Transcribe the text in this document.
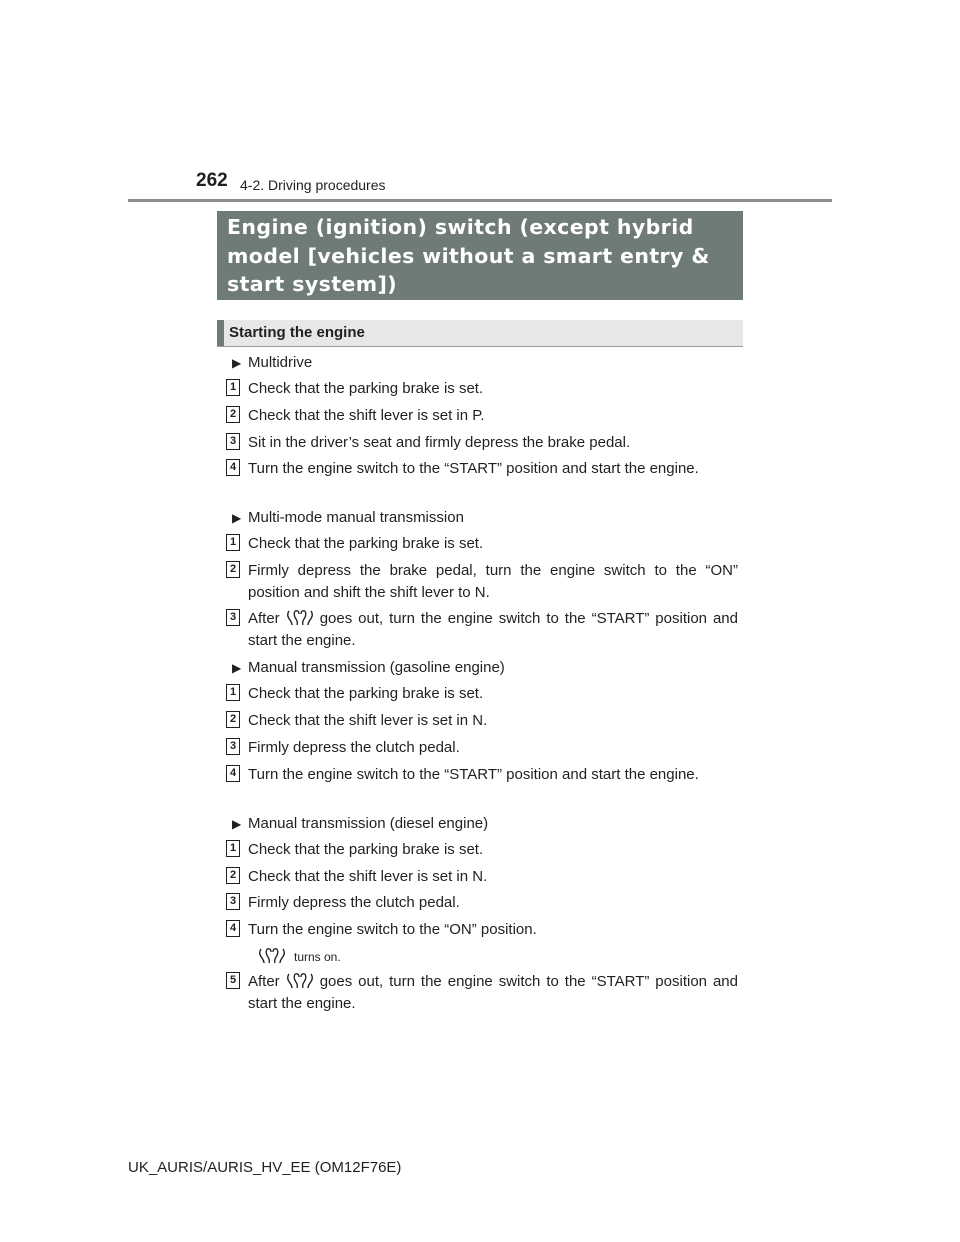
262 4-2. Driving procedures
Engine (ignition) switch (except hybrid model [vehicles without a smart entry & start system])
Starting the engine
▶ Multidrive
1 Check that the parking brake is set.
2 Check that the shift lever is set in P.
3 Sit in the driver’s seat and firmly depress the brake pedal.
4 Turn the engine switch to the “START” position and start the engine.
▶ Multi-mode manual transmission
1 Check that the parking brake is set.
2 Firmly depress the brake pedal, turn the engine switch to the “ON” position and shift the shift lever to N.
3 After	goes out, turn the engine switch to the “START” position and start the engine.
▶ Manual transmission (gasoline engine)
1 Check that the parking brake is set.
2 Check that the shift lever is set in N.
3 Firmly depress the clutch pedal.
4 Turn the engine switch to the “START” position and start the engine.
▶ Manual transmission (diesel engine)
1 Check that the parking brake is set.
2 Check that the shift lever is set in N.
3 Firmly depress the clutch pedal.
4 Turn the engine switch to the “ON” position.
turns on.
5 After	goes out, turn the engine switch to the “START” position and start the engine.
UK_AURIS/AURIS_HV_EE (OM12F76E)
